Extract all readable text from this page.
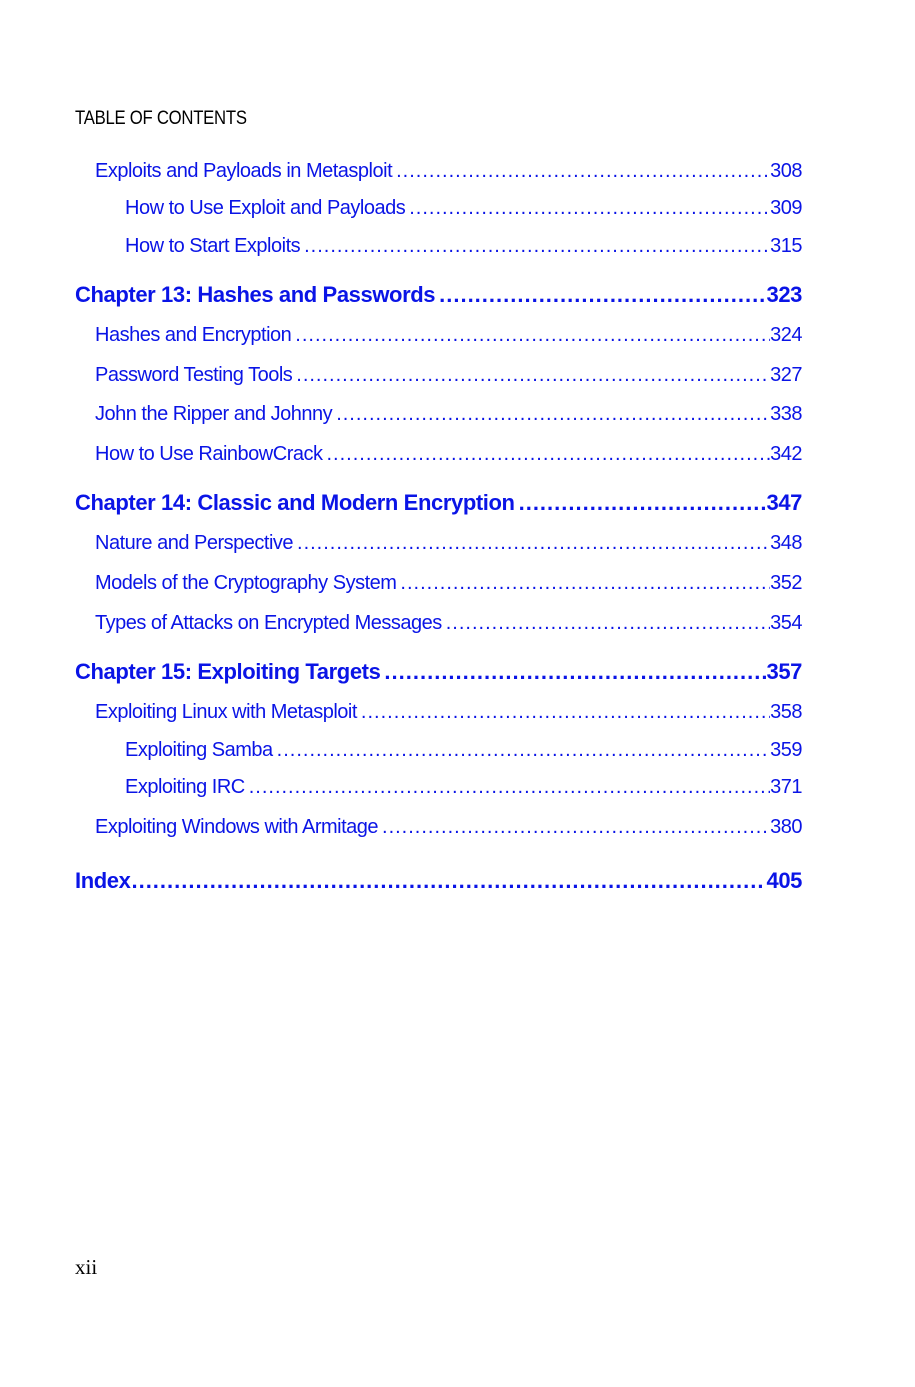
TABLE OF CONTENTS
Exploits and Payloads in Metasploit .....	308
How to Use Exploit and Payloads .....	309
How to Start Exploits .....	315
Chapter 13: Hashes and Passwords .....	323
Hashes and Encryption .....	324
Password Testing Tools .....	327
John the Ripper and Johnny .....	338
How to Use RainbowCrack .....	342
Chapter 14: Classic and Modern Encryption .....	347
Nature and Perspective .....	348
Models of the Cryptography System .....	352
Types of Attacks on Encrypted Messages .....	354
Chapter 15: Exploiting Targets .....	357
Exploiting Linux with Metasploit .....	358
Exploiting Samba .....	359
Exploiting IRC .....	371
Exploiting Windows with Armitage .....	380
Index .....	405
xii
